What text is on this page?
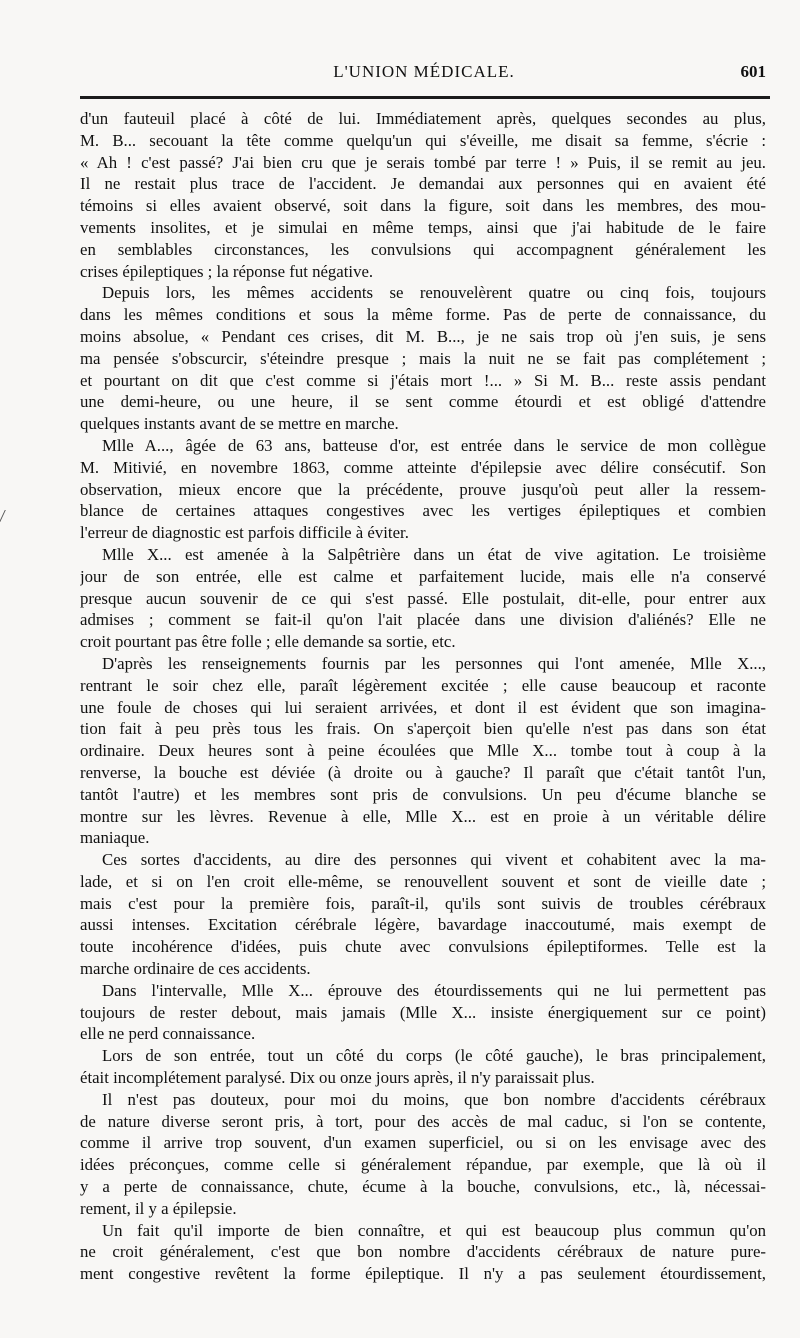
L'UNION MÉDICALE.	601
d'un fauteuil placé à côté de lui. Immédiatement après, quelques secondes au plus,
M. B... secouant la tête comme quelqu'un qui s'éveille, me disait sa femme, s'écrie :
« Ah ! c'est passé? J'ai bien cru que je serais tombé par terre ! » Puis, il se remit au jeu.
Il ne restait plus trace de l'accident. Je demandai aux personnes qui en avaient été
témoins si elles avaient observé, soit dans la figure, soit dans les membres, des mou-
vements insolites, et je simulai en même temps, ainsi que j'ai habitude de le faire
en semblables circonstances, les convulsions qui accompagnent généralement les
crises épileptiques ; la réponse fut négative.
Depuis lors, les mêmes accidents se renouvelèrent quatre ou cinq fois, toujours
dans les mêmes conditions et sous la même forme. Pas de perte de connaissance, du
moins absolue, « Pendant ces crises, dit M. B..., je ne sais trop où j'en suis, je sens
ma pensée s'obscurcir, s'éteindre presque ; mais la nuit ne se fait pas complétement ;
et pourtant on dit que c'est comme si j'étais mort !... » Si M. B... reste assis pendant
une demi-heure, ou une heure, il se sent comme étourdi et est obligé d'attendre
quelques instants avant de se mettre en marche.
Mlle A..., âgée de 63 ans, batteuse d'or, est entrée dans le service de mon collègue
M. Mitivié, en novembre 1863, comme atteinte d'épilepsie avec délire consécutif. Son
observation, mieux encore que la précédente, prouve jusqu'où peut aller la ressem-
blance de certaines attaques congestives avec les vertiges épileptiques et combien
l'erreur de diagnostic est parfois difficile à éviter.
Mlle X... est amenée à la Salpêtrière dans un état de vive agitation. Le troisième
jour de son entrée, elle est calme et parfaitement lucide, mais elle n'a conservé
presque aucun souvenir de ce qui s'est passé. Elle postulait, dit-elle, pour entrer aux
admises ; comment se fait-il qu'on l'ait placée dans une division d'aliénés? Elle ne
croit pourtant pas être folle ; elle demande sa sortie, etc.
D'après les renseignements fournis par les personnes qui l'ont amenée, Mlle X...,
rentrant le soir chez elle, paraît légèrement excitée ; elle cause beaucoup et raconte
une foule de choses qui lui seraient arrivées, et dont il est évident que son imagina-
tion fait à peu près tous les frais. On s'aperçoit bien qu'elle n'est pas dans son état
ordinaire. Deux heures sont à peine écoulées que Mlle X... tombe tout à coup à la
renverse, la bouche est déviée (à droite ou à gauche? Il paraît que c'était tantôt l'un,
tantôt l'autre) et les membres sont pris de convulsions. Un peu d'écume blanche se
montre sur les lèvres. Revenue à elle, Mlle X... est en proie à un véritable délire
maniaque.
Ces sortes d'accidents, au dire des personnes qui vivent et cohabitent avec la ma-
lade, et si on l'en croit elle-même, se renouvellent souvent et sont de vieille date ;
mais c'est pour la première fois, paraît-il, qu'ils sont suivis de troubles cérébraux
aussi intenses. Excitation cérébrale légère, bavardage inaccoutumé, mais exempt de
toute incohérence d'idées, puis chute avec convulsions épileptiformes. Telle est la
marche ordinaire de ces accidents.
Dans l'intervalle, Mlle X... éprouve des étourdissements qui ne lui permettent pas
toujours de rester debout, mais jamais (Mlle X... insiste énergiquement sur ce point)
elle ne perd connaissance.
Lors de son entrée, tout un côté du corps (le côté gauche), le bras principalement,
était incomplétement paralysé. Dix ou onze jours après, il n'y paraissait plus.
Il n'est pas douteux, pour moi du moins, que bon nombre d'accidents cérébraux
de nature diverse seront pris, à tort, pour des accès de mal caduc, si l'on se contente,
comme il arrive trop souvent, d'un examen superficiel, ou si on les envisage avec des
idées préconçues, comme celle si généralement répandue, par exemple, que là où il
y a perte de connaissance, chute, écume à la bouche, convulsions, etc., là, nécessai-
rement, il y a épilepsie.
Un fait qu'il importe de bien connaître, et qui est beaucoup plus commun qu'on
ne croit généralement, c'est que bon nombre d'accidents cérébraux de nature pure-
ment congestive revêtent la forme épileptique. Il n'y a pas seulement étourdissement,
